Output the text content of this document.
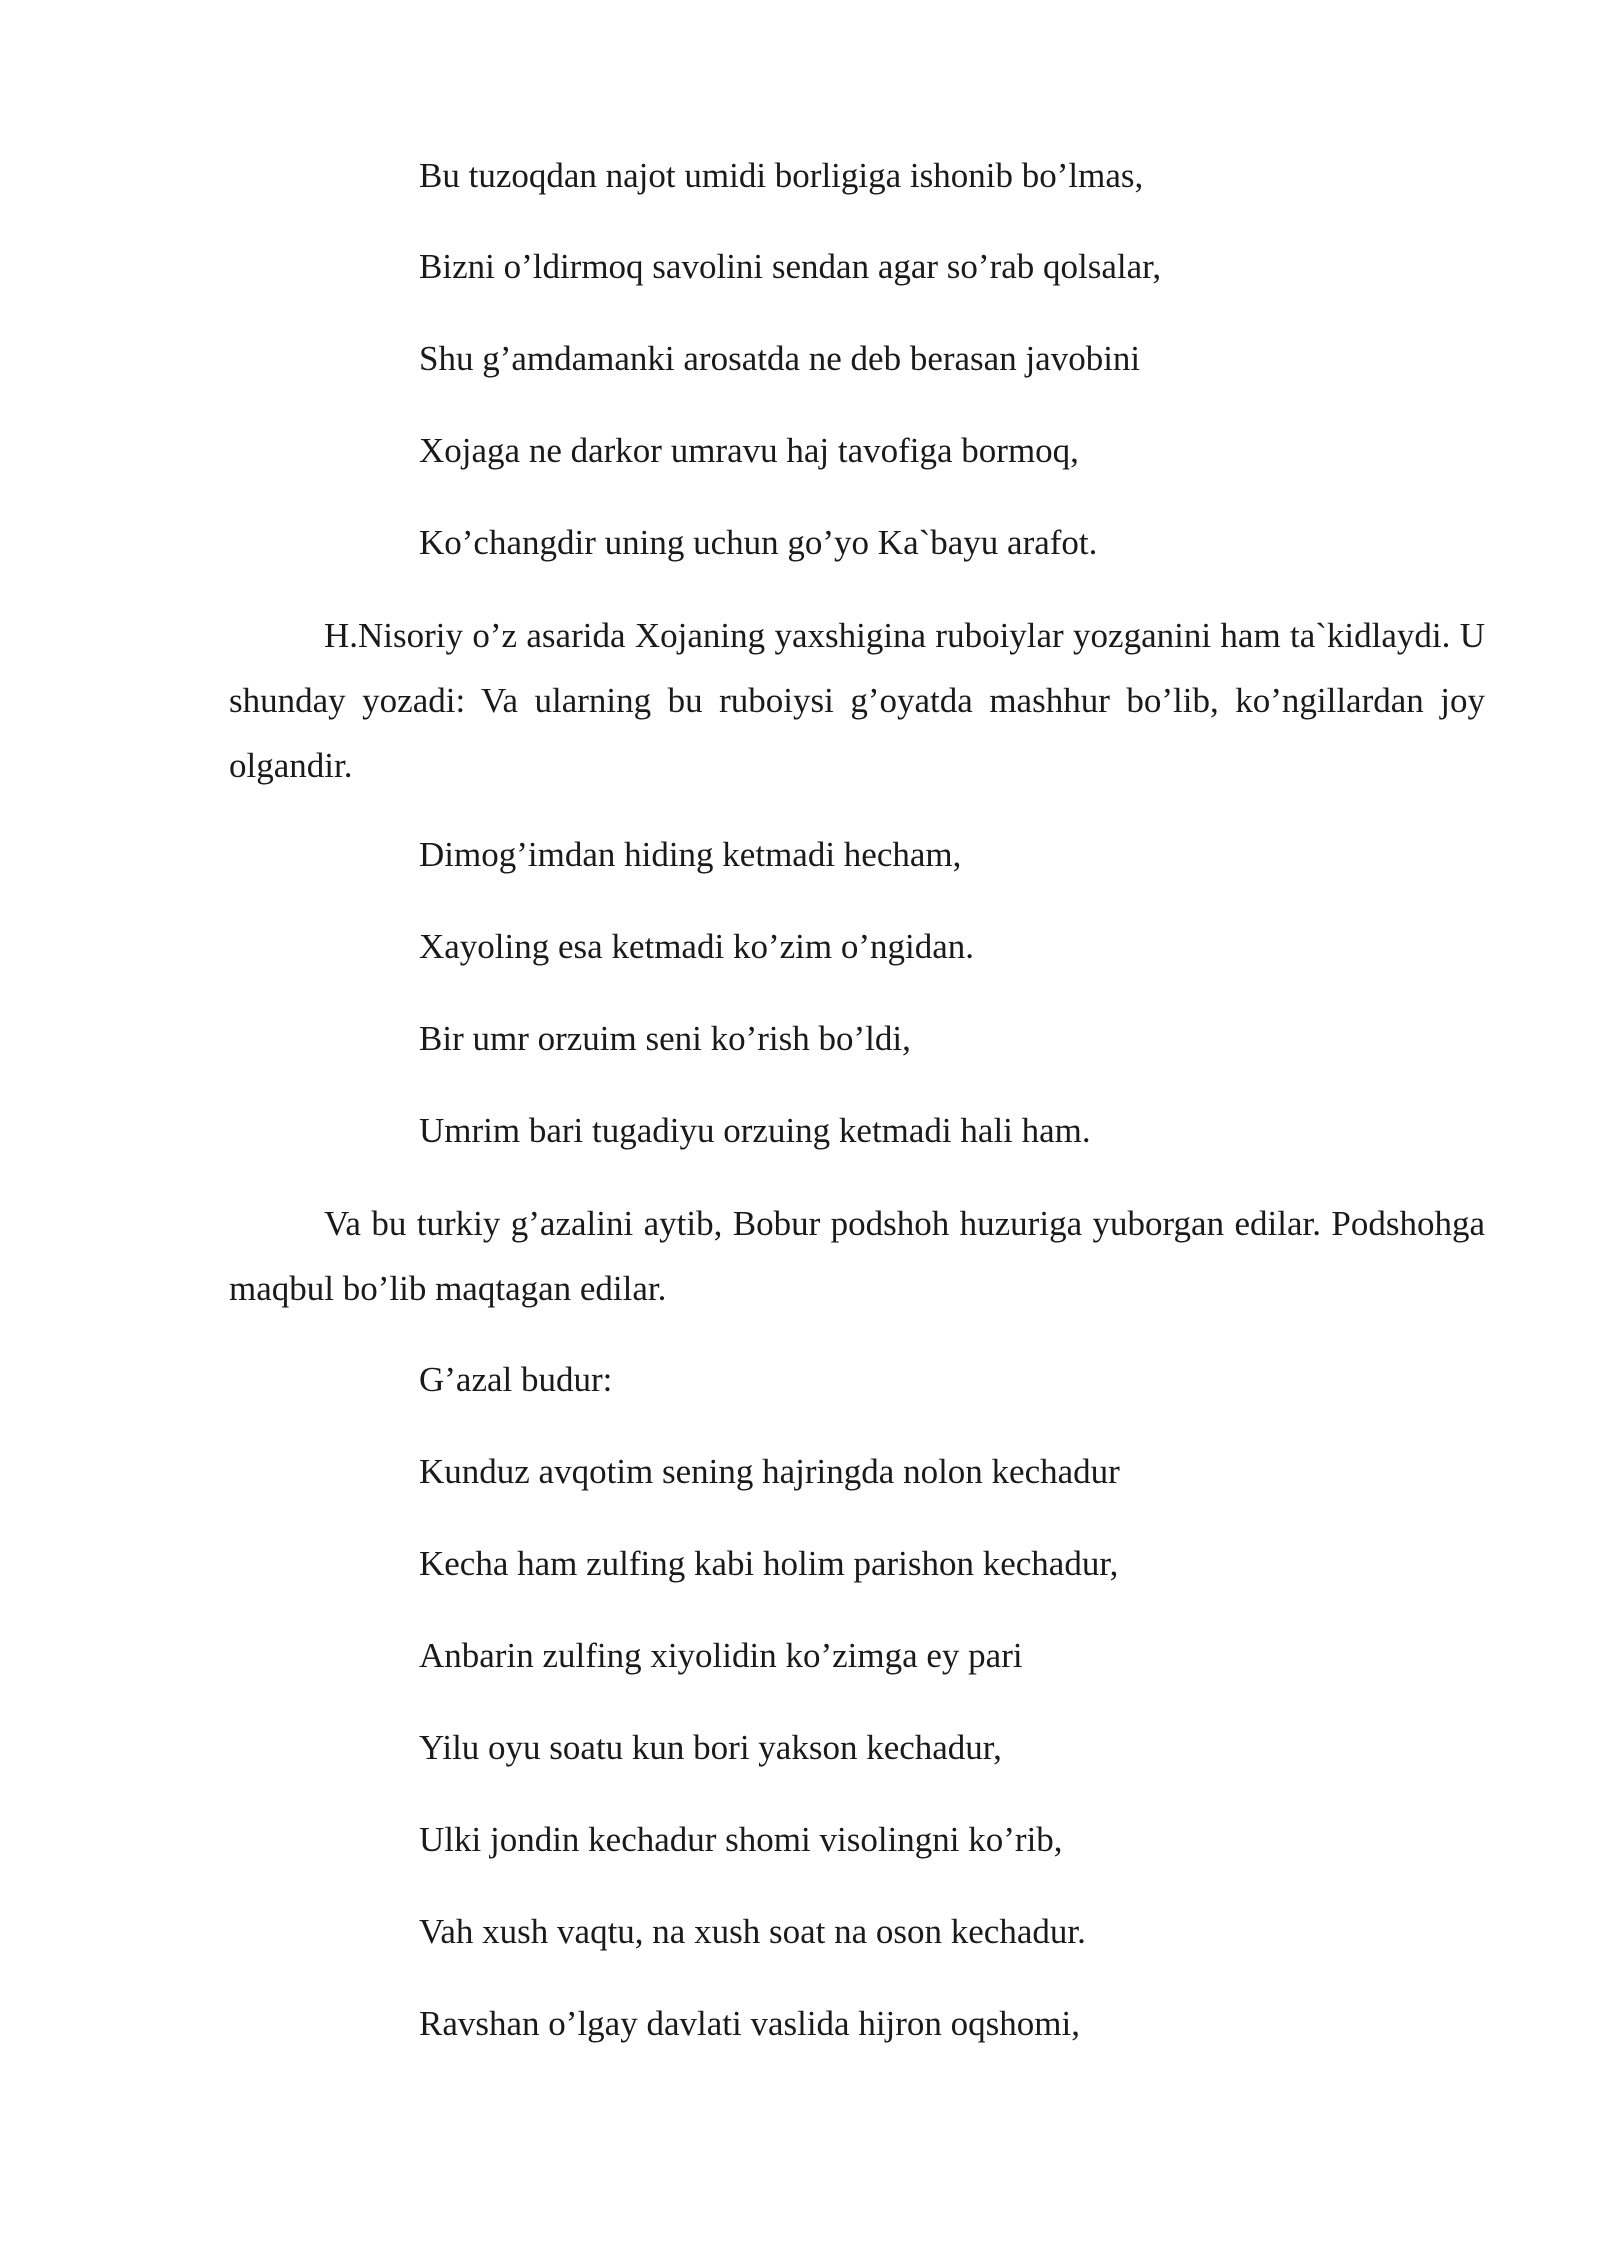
Bu tuzoqdan najot umidi borligiga ishonib bo’lmas,
Bizni o’ldirmoq savolini sendan agar so’rab qolsalar,
Shu g’amdamanki arosatda ne deb berasan javobini
Xojaga ne darkor umravu haj tavofiga bormoq,
Ko’changdir uning uchun go’yo Ka`bayu arafot.
H.Nisoriy o’z asarida Xojaning yaxshigina ruboiylar yozganini ham ta`kidlaydi. U shunday yozadi: Va ularning bu ruboiysi g’oyatda mashhur bo’lib, ko’ngillardan joy olgandir.
Dimog’imdan hiding ketmadi hecham,
Xayoling esa ketmadi ko’zim o’ngidan.
Bir umr orzuim seni ko’rish bo’ldi,
Umrim bari tugadiyu orzuing ketmadi hali ham.
Va bu turkiy g’azalini aytib, Bobur podshoh huzuriga yuborgan edilar. Podshohga maqbul bo’lib maqtagan edilar.
G’azal budur:
Kunduz avqotim sening hajringda nolon kechadur
Kecha ham zulfing kabi holim parishon kechadur,
Anbarin zulfing xiyolidin ko’zimga ey pari
Yilu oyu soatu kun bori yakson kechadur,
Ulki jondin kechadur shomi visolingni ko’rib,
Vah xush vaqtu, na xush soat na oson kechadur.
Ravshan o’lgay davlati vaslida hijron oqshomi,
